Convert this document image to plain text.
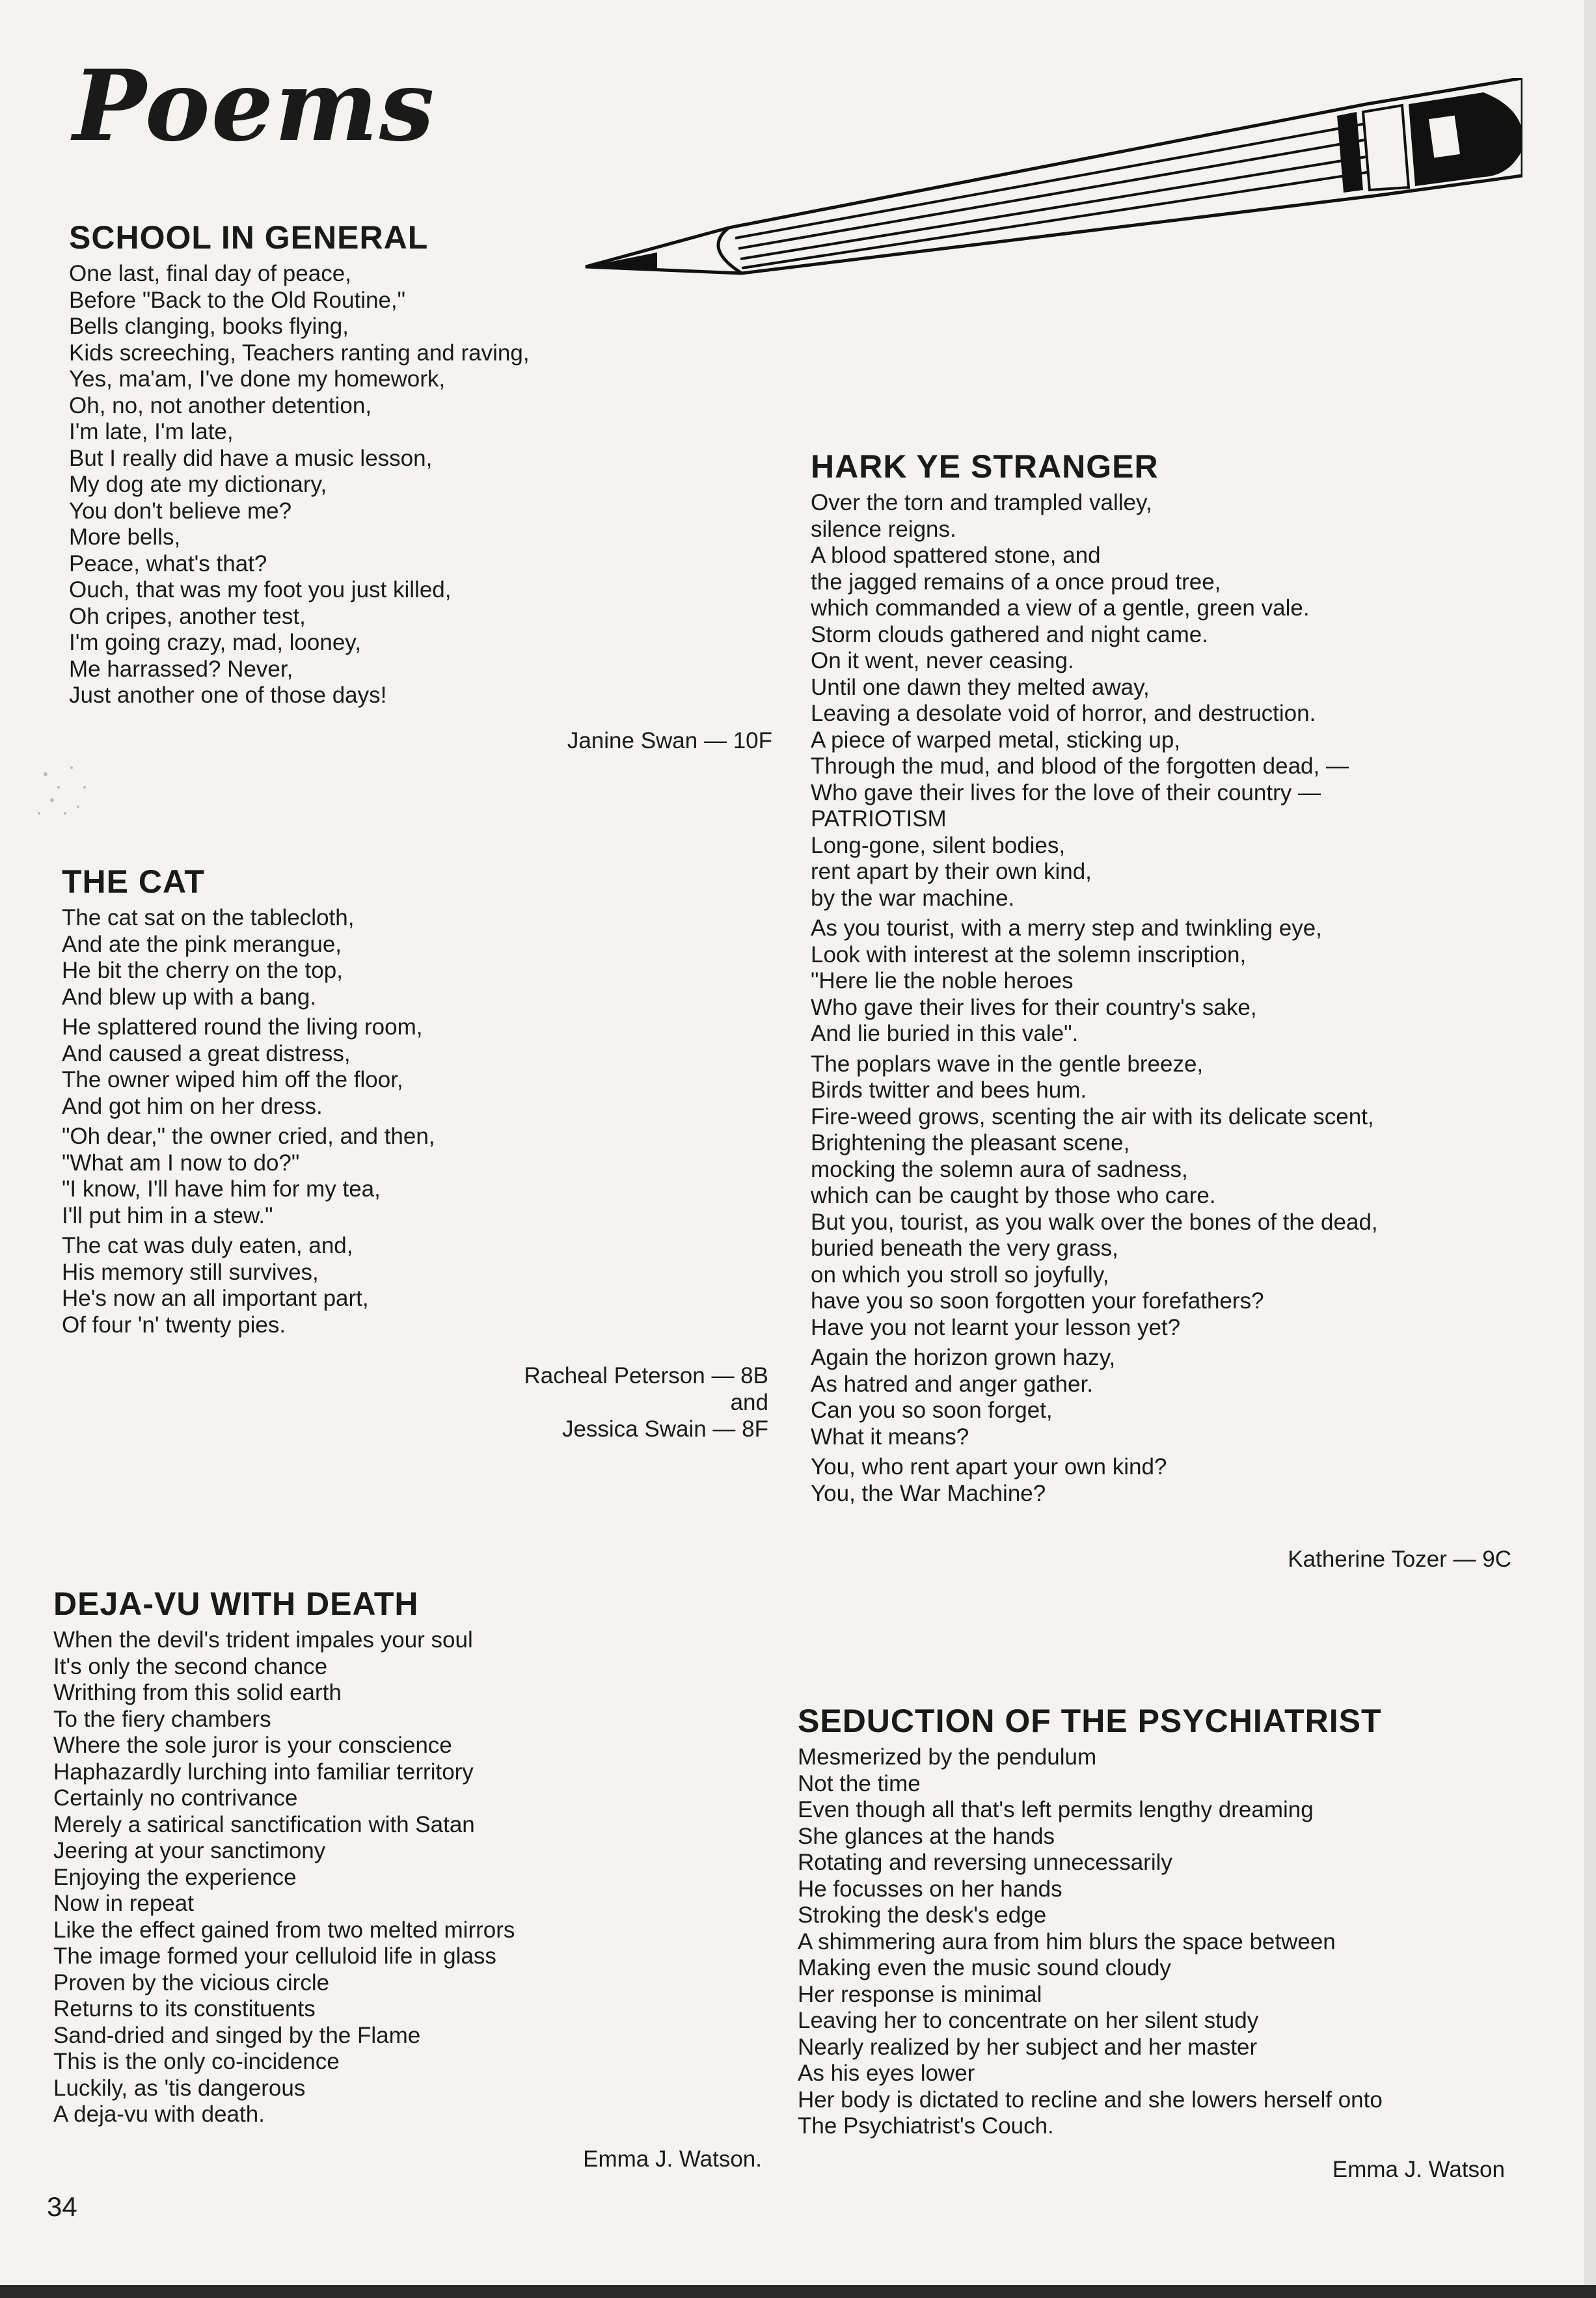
Poems
SCHOOL IN GENERAL
One last, final day of peace,
Before "Back to the Old Routine,"
Bells clanging, books flying,
Kids screeching, Teachers ranting and raving,
Yes, ma'am, I've done my homework,
Oh, no, not another detention,
I'm late, I'm late,
But I really did have a music lesson,
My dog ate my dictionary,
You don't believe me?
More bells,
Peace, what's that?
Ouch, that was my foot you just killed,
Oh cripes, another test,
I'm going crazy, mad, looney,
Me harrassed? Never,
Just another one of those days!
Janine Swan — 10F
THE CAT
The cat sat on the tablecloth,
And ate the pink merangue,
He bit the cherry on the top,
And blew up with a bang.
He splattered round the living room,
And caused a great distress,
The owner wiped him off the floor,
And got him on her dress.
"Oh dear," the owner cried, and then,
"What am I now to do?"
"I know, I'll have him for my tea,
I'll put him in a stew."
The cat was duly eaten, and,
His memory still survives,
He's now an all important part,
Of four 'n' twenty pies.
Racheal Peterson — 8B
and
Jessica Swain — 8F
DEJA-VU WITH DEATH
When the devil's trident impales your soul
It's only the second chance
Writhing from this solid earth
To the fiery chambers
Where the sole juror is your conscience
Haphazardly lurching into familiar territory
Certainly no contrivance
Merely a satirical sanctification with Satan
Jeering at your sanctimony
Enjoying the experience
Now in repeat
Like the effect gained from two melted mirrors
The image formed your celluloid life in glass
Proven by the vicious circle
Returns to its constituents
Sand-dried and singed by the Flame
This is the only co-incidence
Luckily, as 'tis dangerous
A deja-vu with death.
Emma J. Watson.
HARK YE STRANGER
Over the torn and trampled valley,
silence reigns.
A blood spattered stone, and
the jagged remains of a once proud tree,
which commanded a view of a gentle, green vale.
Storm clouds gathered and night came.
On it went, never ceasing.
Until one dawn they melted away,
Leaving a desolate void of horror, and destruction.
A piece of warped metal, sticking up,
Through the mud, and blood of the forgotten dead, —
Who gave their lives for the love of their country —
PATRIOTISM
Long-gone, silent bodies,
rent apart by their own kind,
by the war machine.
As you tourist, with a merry step and twinkling eye,
Look with interest at the solemn inscription,
"Here lie the noble heroes
Who gave their lives for their country's sake,
And lie buried in this vale".
The poplars wave in the gentle breeze,
Birds twitter and bees hum.
Fire-weed grows, scenting the air with its delicate scent,
Brightening the pleasant scene,
mocking the solemn aura of sadness,
which can be caught by those who care.
But you, tourist, as you walk over the bones of the dead,
buried beneath the very grass,
on which you stroll so joyfully,
have you so soon forgotten your forefathers?
Have you not learnt your lesson yet?
Again the horizon grown hazy,
As hatred and anger gather.
Can you so soon forget,
What it means?
You, who rent apart your own kind?
You, the War Machine?
Katherine Tozer — 9C
SEDUCTION OF THE PSYCHIATRIST
Mesmerized by the pendulum
Not the time
Even though all that's left permits lengthy dreaming
She glances at the hands
Rotating and reversing unnecessarily
He focusses on her hands
Stroking the desk's edge
A shimmering aura from him blurs the space between
Making even the music sound cloudy
Her response is minimal
Leaving her to concentrate on her silent study
Nearly realized by her subject and her master
As his eyes lower
Her body is dictated to recline and she lowers herself onto
The Psychiatrist's Couch.
Emma J. Watson
34
